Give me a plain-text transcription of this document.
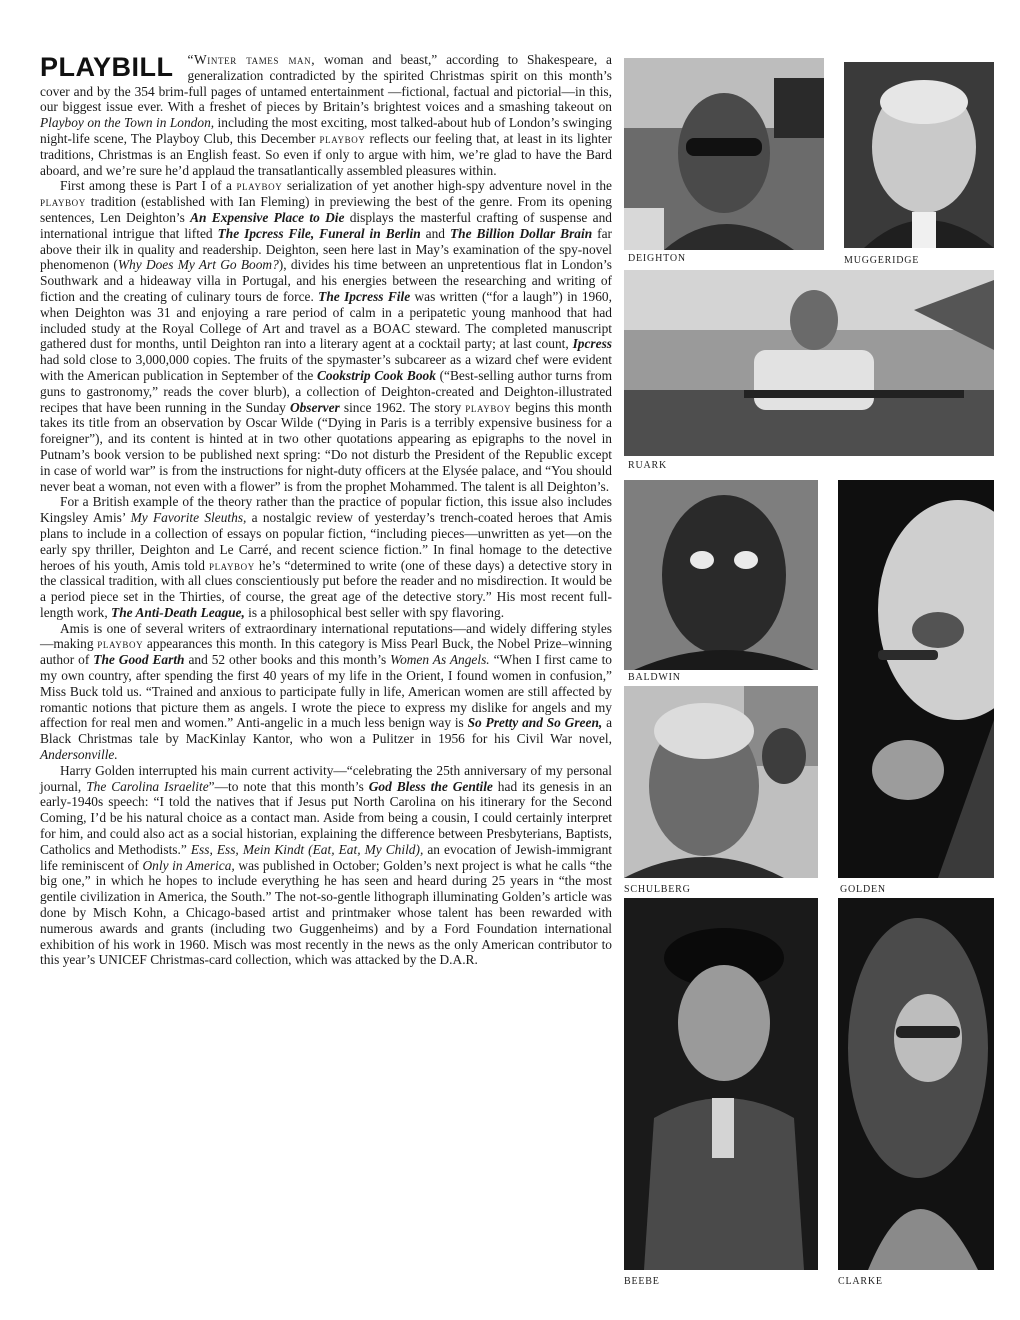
PLAYBILL	“Winter tames man, woman and beast,” according to Shakespeare, a generalization contradicted by the spirited Christmas spirit on this month’s cover and by the 354 brim-full pages of untamed entertainment —fictional, factual and pictorial—in this, our biggest issue ever. With a freshet of pieces by Britain’s brightest voices and a smashing takeout on Playboy on the Town in London, including the most exciting, most talked-about hub of London’s swinging night-life scene, The Playboy Club, this December playboy reflects our feeling that, at least in its lighter traditions, Christmas is an English feast. So even if only to argue with him, we’re glad to have the Bard aboard, and we’re sure he’d applaud the transatlantically assembled pleasures within.

First among these is Part I of a playboy serialization of yet another high-spy adventure novel in the playboy tradition (established with Ian Fleming) in previewing the best of the genre. From its opening sentences, Len Deighton’s An Expensive Place to Die displays the masterful crafting of suspense and international intrigue that lifted The Ipcress File, Funeral in Berlin and The Billion Dollar Brain far above their ilk in quality and readership. Deighton, seen here last in May’s examination of the spy-novel phenomenon (Why Does My Art Go Boom?), divides his time between an unpretentious flat in London’s Southwark and a hideaway villa in Portugal, and his energies between the researching and writing of fiction and the creating of culinary tours de force. The Ipcress File was written (“for a laugh”) in 1960, when Deighton was 31 and enjoying a rare period of calm in a peripatetic young manhood that had included study at the Royal College of Art and travel as a BOAC steward. The completed manuscript gathered dust for months, until Deighton ran into a literary agent at a cocktail party; at last count, Ipcress had sold close to 3,000,000 copies. The fruits of the spymaster’s subcareer as a wizard chef were evident with the American publication in September of the Cookstrip Cook Book (“Best-selling author turns from guns to gastronomy,” reads the cover blurb), a collection of Deighton-created and Deighton-illustrated recipes that have been running in the Sunday Observer since 1962. The story playboy begins this month takes its title from an observation by Oscar Wilde (“Dying in Paris is a terribly expensive business for a foreigner”), and its content is hinted at in two other quotations appearing as epigraphs to the novel in Putnam’s book version to be published next spring: “Do not disturb the President of the Republic except in case of world war” is from the instructions for night-duty officers at the Elysée palace, and “You should never beat a woman, not even with a flower” is from the prophet Mohammed. The talent is all Deighton’s.

For a British example of the theory rather than the practice of popular fiction, this issue also includes Kingsley Amis’ My Favorite Sleuths, a nostalgic review of yesterday’s trench-coated heroes that Amis plans to include in a collection of essays on popular fiction, “including pieces—unwritten as yet—on the early spy thriller, Deighton and Le Carré, and recent science fiction.” In final homage to the detective heroes of his youth, Amis told playboy he’s “determined to write (one of these days) a detective story in the classical tradition, with all clues conscientiously put before the reader and no misdirection. It would be a period piece set in the Thirties, of course, the great age of the detective story.” His most recent full-length work, The Anti-Death League, is a philosophical best seller with spy flavoring.

Amis is one of several writers of extraordinary international reputations—and widely differing styles—making playboy appearances this month. In this category is Miss Pearl Buck, the Nobel Prize–winning author of The Good Earth and 52 other books and this month’s Women As Angels. “When I first came to my own country, after spending the first 40 years of my life in the Orient, I found women in confusion,” Miss Buck told us. “Trained and anxious to participate fully in life, American women are still affected by romantic notions that picture them as angels. I wrote the piece to express my dislike for angels and my affection for real men and women.” Anti-angelic in a much less benign way is So Pretty and So Green, a Black Christmas tale by MacKinlay Kantor, who won a Pulitzer in 1956 for his Civil War novel, Andersonville.

Harry Golden interrupted his main current activity—“celebrating the 25th anniversary of my personal journal, The Carolina Israelite”—to note that this month’s God Bless the Gentile had its genesis in an early-1940s speech: “I told the natives that if Jesus put North Carolina on his itinerary for the Second Coming, I’d be his natural choice as a contact man. Aside from being a cousin, I could certainly interpret for him, and could also act as a social historian, explaining the difference between Presbyterians, Baptists, Catholics and Methodists.” Ess, Ess, Mein Kindt (Eat, Eat, My Child), an evocation of Jewish-immigrant life reminiscent of Only in America, was published in October; Golden’s next project is what he calls “the big one,” in which he hopes to include everything he has seen and heard during 25 years in “the most gentile civilization in America, the South.” The not-so-gentle lithograph illuminating Golden’s article was done by Misch Kohn, a Chicago-based artist and printmaker whose talent has been rewarded with numerous awards and grants (including two Guggenheims) and by a Ford Foundation international exhibition of his work in 1960. Misch was most recently in the news as the only American contributor to this year’s UNICEF Christmas-card collection, which was attacked by the D.A.R.

DEIGHTON	MUGGERIDGE
RUARK
BALDWIN
SCHULBERG	GOLDEN
BEEBE	CLARKE
